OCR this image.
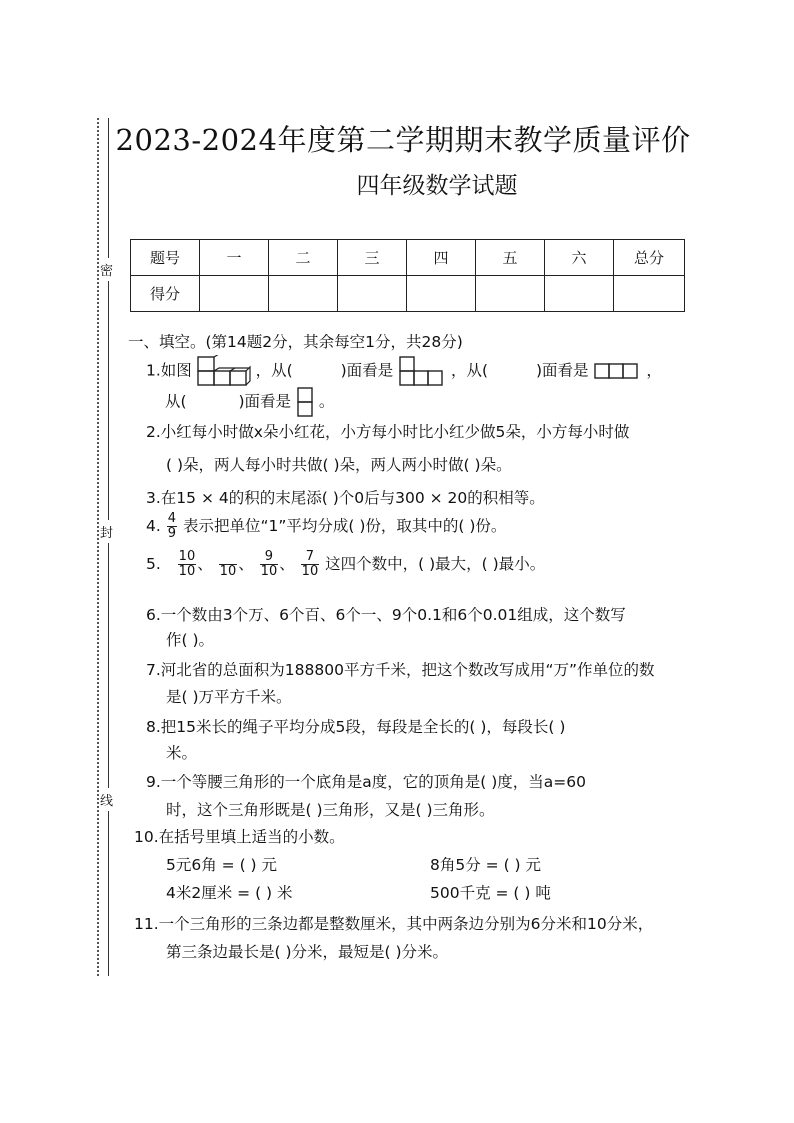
密
封
线
2023-2024年度第二学期期末教学质量评价
四年级数学试题
题号	一	二	三	四	五	六	总分
得分							
一、填空。(第14题2分，其余每空1分，共28分)
1.如图	，从(	)面看是	，从(	)面看是	，
从(	)面看是 。
2.小红每小时做x朵小红花，小方每小时比小红少做5朵，小方每小时做
( )朵，两人每小时共做( )朵，两人两小时做( )朵。
3.在15 × 4的积的末尾添( )个0后与300 × 20的积相等。
4. $\frac{4}{9}$ 表示把单位“1”平均分成( )份，取其中的( )份。
5. $\frac{10}{10}$ 、 10 、 $\frac{9}{10}$ 、 $\frac{7}{10}$ 这四个数中，( )最大，( )最小。
6.一个数由3个万、6个百、6个一、9个0.1和6个0.01组成，这个数写
作( )。
7.河北省的总面积为188800平方千米，把这个数改写成用“万”作单位的数
是( )万平方千米。
8.把15米长的绳子平均分成5段，每段是全长的( )，每段长( )
米。
9.一个等腰三角形的一个底角是a度，它的顶角是( )度，当a=60
时，这个三角形既是( )三角形，又是( )三角形。
10.在括号里填上适当的小数。
5元6角 = ( ) 元	8角5分 = ( ) 元
4米2厘米 = ( ) 米	500千克 = ( ) 吨
11.一个三角形的三条边都是整数厘米，其中两条边分别为6分米和10分米，
第三条边最长是( )分米，最短是( )分米。
